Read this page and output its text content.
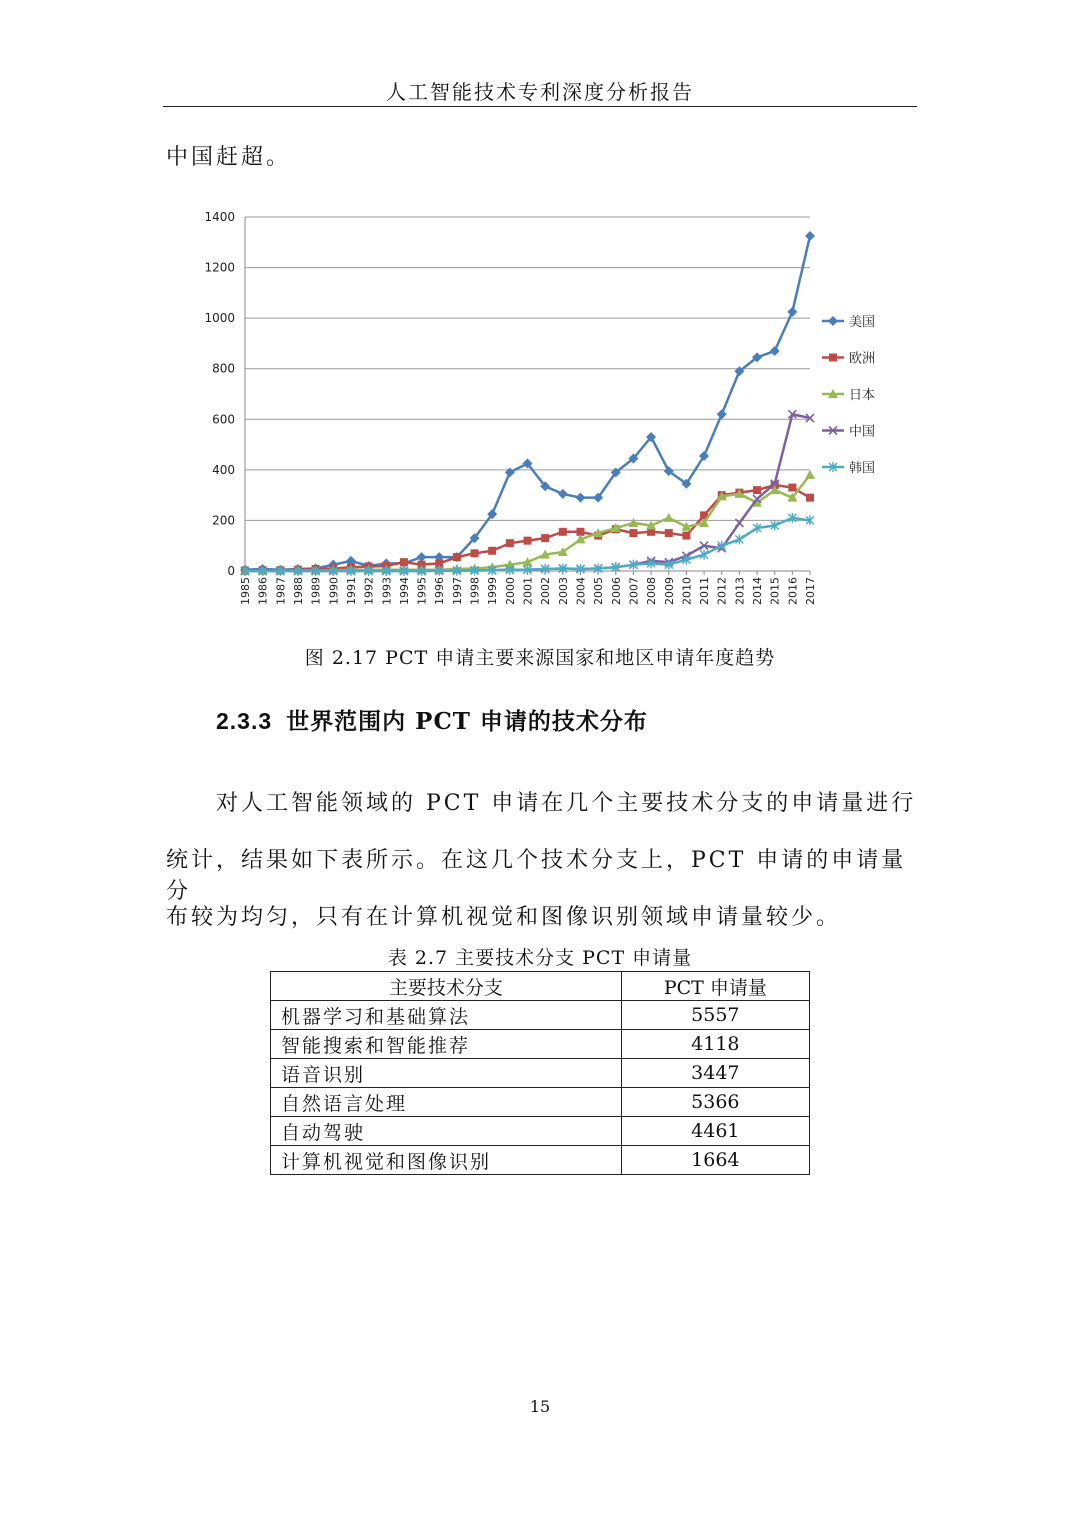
人工智能技术专利深度分析报告
中国赶超。
0
200
400
600
800
1000
1200
1400
1985 1986 1987 1988 1989 1990 1991 1992 1993 1994 1995 1996 1997 1998 1999 2000 2001 2002 2003 2004 2005 2006 2007 2008 2009 2010 2011 2012 2013 2014 2015 2016 2017
美国
欧洲
日本
中国
韩国
图 2.17 PCT 申请主要来源国家和地区申请年度趋势
2.3.3 世界范围内 PCT 申请的技术分布
对人工智能领域的 PCT 申请在几个主要技术分支的申请量进行
统计，结果如下表所示。在这几个技术分支上，PCT 申请的申请量分
布较为均匀，只有在计算机视觉和图像识别领域申请量较少。
表 2.7 主要技术分支 PCT 申请量
主要技术分支	PCT 申请量
机器学习和基础算法	5557
智能搜索和智能推荐	4118
语音识别	3447
自然语言处理	5366
自动驾驶	4461
计算机视觉和图像识别	1664
15
